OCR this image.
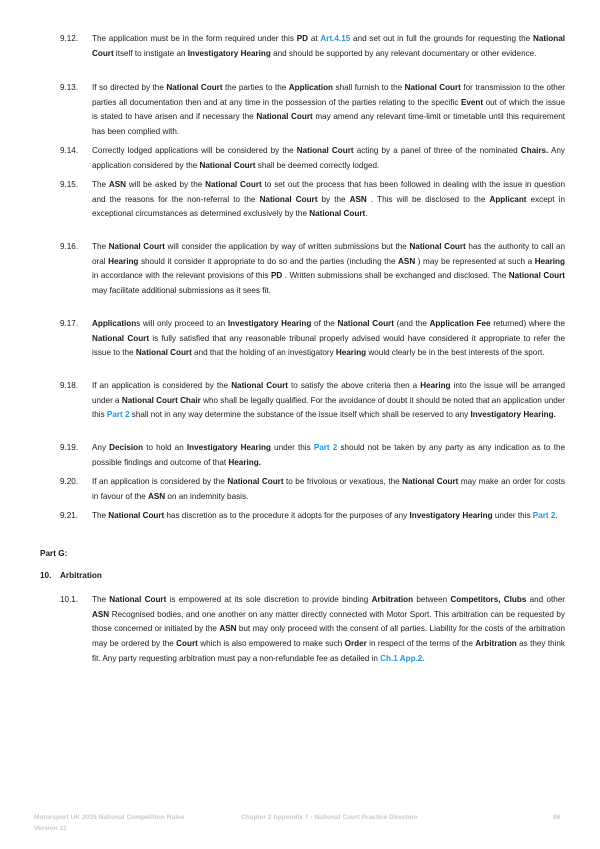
9.12.	The application must be in the form required under this PD at Art.4.15 and set out in full the grounds for requesting the National Court itself to instigate an Investigatory Hearing and should be supported by any relevant documentary or other evidence.
9.13.	If so directed by the National Court the parties to the Application shall furnish to the National Court for transmission to the other parties all documentation then and at any time in the possession of the parties relating to the specific Event out of which the issue is stated to have arisen and if necessary the National Court may amend any relevant time-limit or timetable until this requirement has been complied with.
9.14.	Correctly lodged applications will be considered by the National Court acting by a panel of three of the nominated Chairs. Any application considered by the National Court shall be deemed correctly lodged.
9.15.	The ASN will be asked by the National Court to set out the process that has been followed in dealing with the issue in question and the reasons for the non-referral to the National Court by the ASN . This will be disclosed to the Applicant except in exceptional circumstances as determined exclusively by the National Court.
9.16.	The National Court will consider the application by way of written submissions but the National Court has the authority to call an oral Hearing should it consider it appropriate to do so and the parties (including the ASN ) may be represented at such a Hearing in accordance with the relevant provisions of this PD . Written submissions shall be exchanged and disclosed. The National Court may facilitate additional submissions as it sees fit.
9.17.	Applications will only proceed to an Investigatory Hearing of the National Court (and the Application Fee returned) where the National Court is fully satisfied that any reasonable tribunal properly advised would have considered it appropriate to refer the issue to the National Court and that the holding of an investigatory Hearing would clearly be in the best interests of the sport.
9.18.	If an application is considered by the National Court to satisfy the above criteria then a Hearing into the issue will be arranged under a National Court Chair who shall be legally qualified. For the avoidance of doubt it should be noted that an application under this Part 2 shall not in any way determine the substance of the issue itself which shall be reserved to any Investigatory Hearing.
9.19.	Any Decision to hold an Investigatory Hearing under this Part 2 should not be taken by any party as any indication as to the possible findings and outcome of that Hearing.
9.20.	If an application is considered by the National Court to be frivolous or vexatious, the National Court may make an order for costs in favour of the ASN on an indemnity basis.
9.21.	The National Court has discretion as to the procedure it adopts for the purposes of any Investigatory Hearing under this Part 2.
Part G:
10. Arbitration
10.1.	The National Court is empowered at its sole discretion to provide binding Arbitration between Competitors, Clubs and other ASN Recognised bodies, and one another on any matter directly connected with Motor Sport. This arbitration can be requested by those concerned or initiated by the ASN but may only proceed with the consent of all parties. Liability for the costs of the arbitration may be ordered by the Court which is also empowered to make such Order in respect of the terms of the Arbitration as they think fit. Any party requesting arbitration must pay a non-refundable fee as detailed in Ch.1 App.2.
Motorsport UK 2025 National Competition Rules
Version 11
Chapter 2 Appendix 7 - National Court Practice Direction	86
